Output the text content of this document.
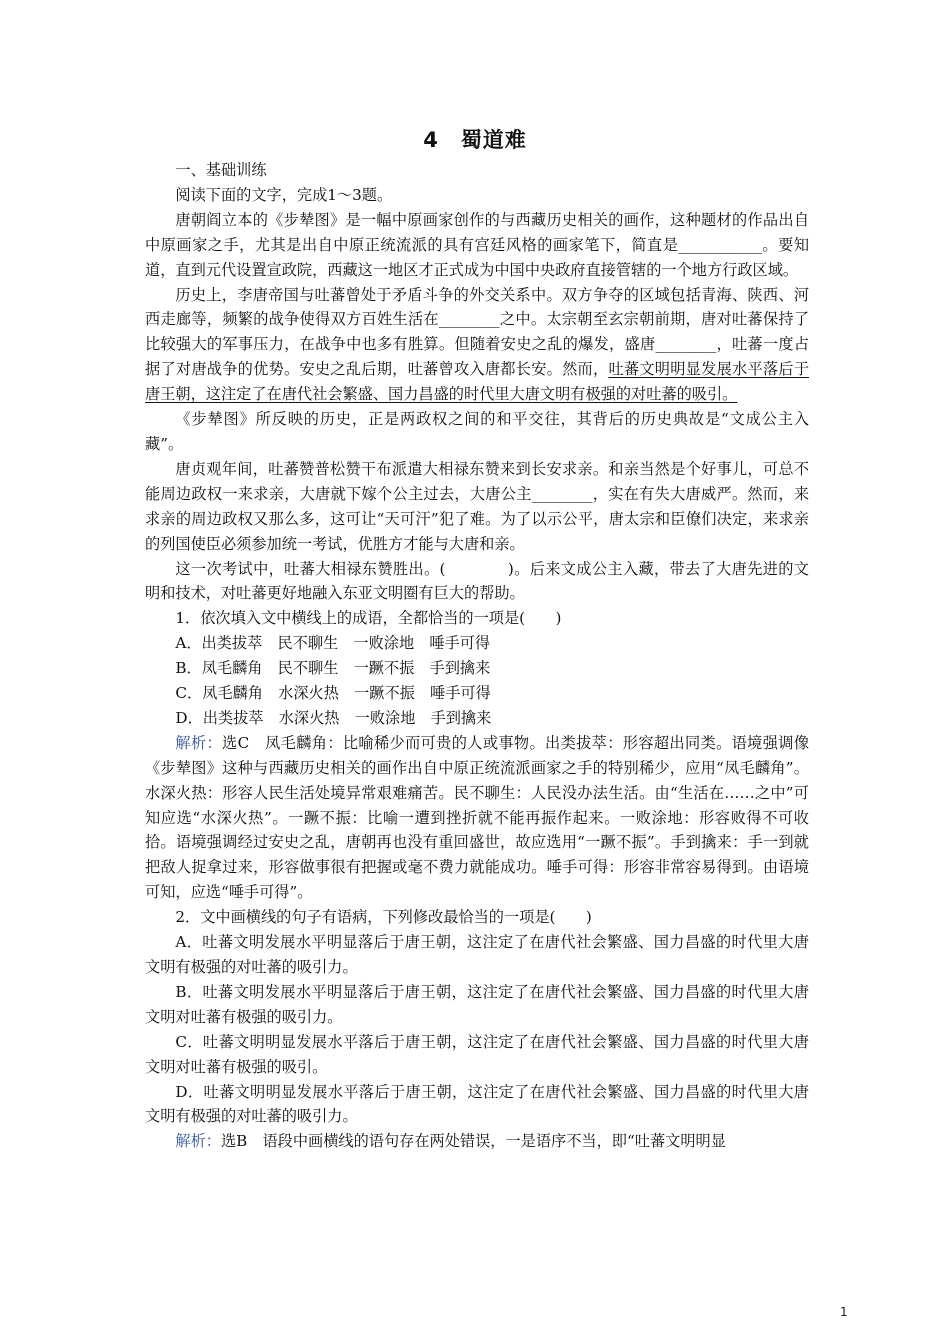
4　蜀道难

一、基础训练

阅读下面的文字，完成1～3题。

唐朝阎立本的《步辇图》是一幅中原画家创作的与西藏历史相关的画作，这种题材的作品出自中原画家之手，尤其是出自中原正统流派的具有宫廷风格的画家笔下，简直是___________。要知道，直到元代设置宣政院，西藏这一地区才正式成为中国中央政府直接管辖的一个地方行政区域。

历史上，李唐帝国与吐蕃曾处于矛盾斗争的外交关系中。双方争夺的区域包括青海、陕西、河西走廊等，频繁的战争使得双方百姓生活在________之中。太宗朝至玄宗朝前期，唐对吐蕃保持了比较强大的军事压力，在战争中也多有胜算。但随着安史之乱的爆发，盛唐________，吐蕃一度占据了对唐战争的优势。安史之乱后期，吐蕃曾攻入唐都长安。然而，吐蕃文明明显发展水平落后于唐王朝，这注定了在唐代社会繁盛、国力昌盛的时代里大唐文明有极强的对吐蕃的吸引。

《步辇图》所反映的历史，正是两政权之间的和平交往，其背后的历史典故是“文成公主入藏”。

唐贞观年间，吐蕃赞普松赞干布派遣大相禄东赞来到长安求亲。和亲当然是个好事儿，可总不能周边政权一来求亲，大唐就下嫁个公主过去，大唐公主________，实在有失大唐威严。然而，来求亲的周边政权又那么多，这可让“天可汗”犯了难。为了以示公平，唐太宗和臣僚们决定，来求亲的列国使臣必须参加统一考试，优胜方才能与大唐和亲。

这一次考试中，吐蕃大相禄东赞胜出。(　　　　)。后来文成公主入藏，带去了大唐先进的文明和技术，对吐蕃更好地融入东亚文明圈有巨大的帮助。

1．依次填入文中横线上的成语，全都恰当的一项是(　　)

A．出类拔萃　民不聊生　一败涂地　唾手可得

B．凤毛麟角　民不聊生　一蹶不振　手到擒来

C．凤毛麟角　水深火热　一蹶不振　唾手可得

D．出类拔萃　水深火热　一败涂地　手到擒来

解析：选C　凤毛麟角：比喻稀少而可贵的人或事物。出类拔萃：形容超出同类。语境强调像《步辇图》这种与西藏历史相关的画作出自中原正统流派画家之手的特别稀少，应用“凤毛麟角”。水深火热：形容人民生活处境异常艰难痛苦。民不聊生：人民没办法生活。由“生活在……之中”可知应选“水深火热”。一蹶不振：比喻一遭到挫折就不能再振作起来。一败涂地：形容败得不可收拾。语境强调经过安史之乱，唐朝再也没有重回盛世，故应选用“一蹶不振”。手到擒来：手一到就把敌人捉拿过来，形容做事很有把握或毫不费力就能成功。唾手可得：形容非常容易得到。由语境可知，应选“唾手可得”。

2．文中画横线的句子有语病，下列修改最恰当的一项是(　　)

A．吐蕃文明发展水平明显落后于唐王朝，这注定了在唐代社会繁盛、国力昌盛的时代里大唐文明有极强的对吐蕃的吸引力。

B．吐蕃文明发展水平明显落后于唐王朝，这注定了在唐代社会繁盛、国力昌盛的时代里大唐文明对吐蕃有极强的吸引力。

C．吐蕃文明明显发展水平落后于唐王朝，这注定了在唐代社会繁盛、国力昌盛的时代里大唐文明对吐蕃有极强的吸引。

D．吐蕃文明明显发展水平落后于唐王朝，这注定了在唐代社会繁盛、国力昌盛的时代里大唐文明有极强的对吐蕃的吸引力。

解析：选B　语段中画横线的语句存在两处错误，一是语序不当，即“吐蕃文明明显

1
